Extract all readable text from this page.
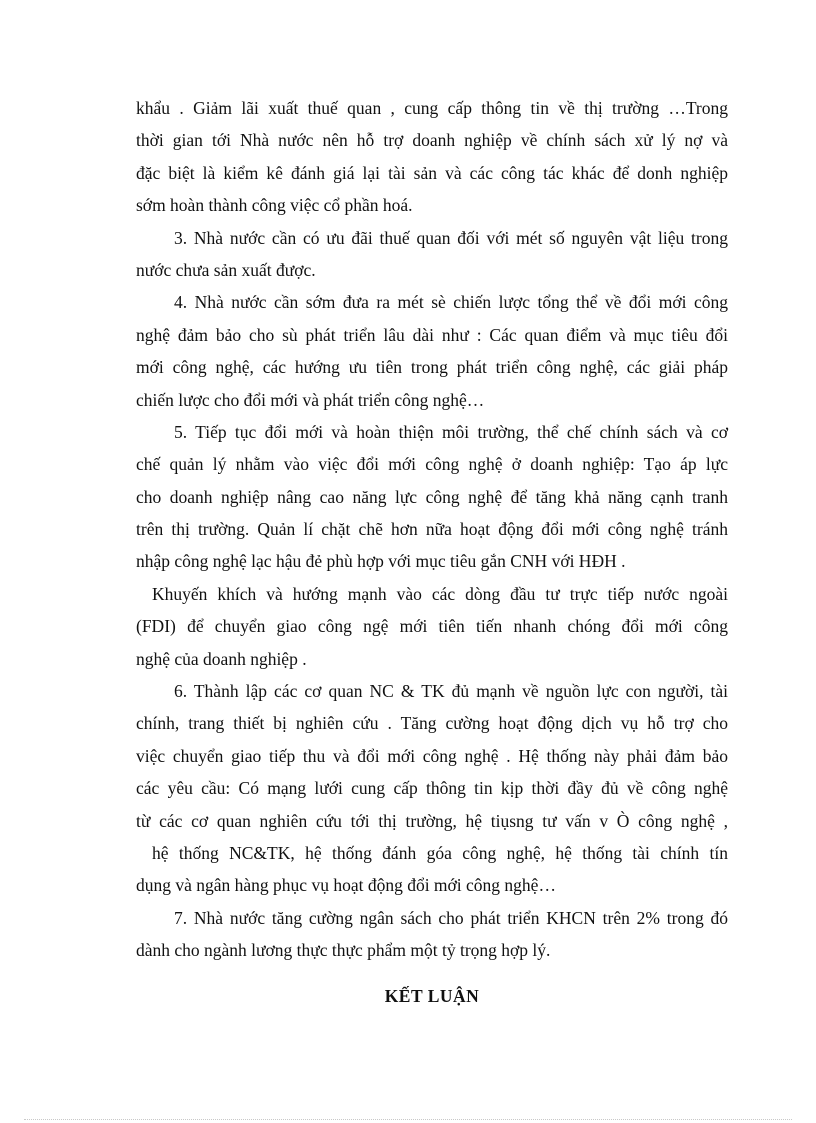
khẩu . Giảm lãi xuất thuế quan , cung cấp thông tin về thị trường …Trong
thời gian tới Nhà nước nên hỗ trợ doanh nghiệp về chính sách xử lý nợ và
đặc biệt là kiểm kê đánh giá lại tài sản và các công tác khác để donh nghiệp
sớm hoàn thành công việc cổ phần hoá.
3. Nhà nước cần có ưu đãi thuế quan đối với mét số nguyên vật liệu trong
nước chưa sản xuất được.
4. Nhà nước cần sớm đưa ra mét sè chiến lược tổng thể về đổi mới công
nghệ đảm bảo cho sù phát triển lâu dài như : Các quan điểm và mục tiêu đổi
mới công nghệ, các hướng ưu tiên trong phát triển công nghệ, các giải pháp
chiến lược cho đổi mới và phát triển công nghệ…
5. Tiếp tục đổi mới và hoàn thiện môi trường, thể chế chính sách và cơ
chế quản lý nhằm vào việc đổi mới công nghệ ở doanh nghiệp: Tạo áp lực
cho doanh nghiệp nâng cao năng lực công nghệ để tăng khả năng cạnh tranh
trên thị trường. Quản lí chặt chẽ hơn nữa hoạt động đổi mới công nghệ tránh
nhập công nghệ lạc hậu đẻ phù hợp với mục tiêu gắn CNH với HĐH .
Khuyến khích và hướng mạnh vào các dòng đầu tư trực tiếp nước ngoài
(FDI) để chuyển giao công ngệ mới tiên tiến nhanh chóng đổi mới công
nghệ của doanh nghiệp .
6. Thành lập các cơ quan NC & TK đủ mạnh về nguồn lực con người, tài
chính, trang thiết bị nghiên cứu . Tăng cường hoạt động dịch vụ hỗ trợ cho
việc chuyển giao tiếp thu và đổi mới công nghệ . Hệ thống này phải đảm bảo
các yêu cầu: Có mạng lưới cung cấp thông tin kịp thời đầy đủ về công nghệ
từ các cơ quan nghiên cứu tới thị trường, hệ tiụsng tư vấn v Ò công nghệ ,
hệ thống NC&TK, hệ thống đánh góa công nghệ, hệ thống tài chính tín
dụng và ngân hàng phục vụ hoạt động đổi mới công nghệ…
7. Nhà nước tăng cường ngân sách cho phát triển KHCN trên 2% trong đó
dành cho ngành lương thực thực phẩm một tỷ trọng hợp lý.
KẾT LUẬN
